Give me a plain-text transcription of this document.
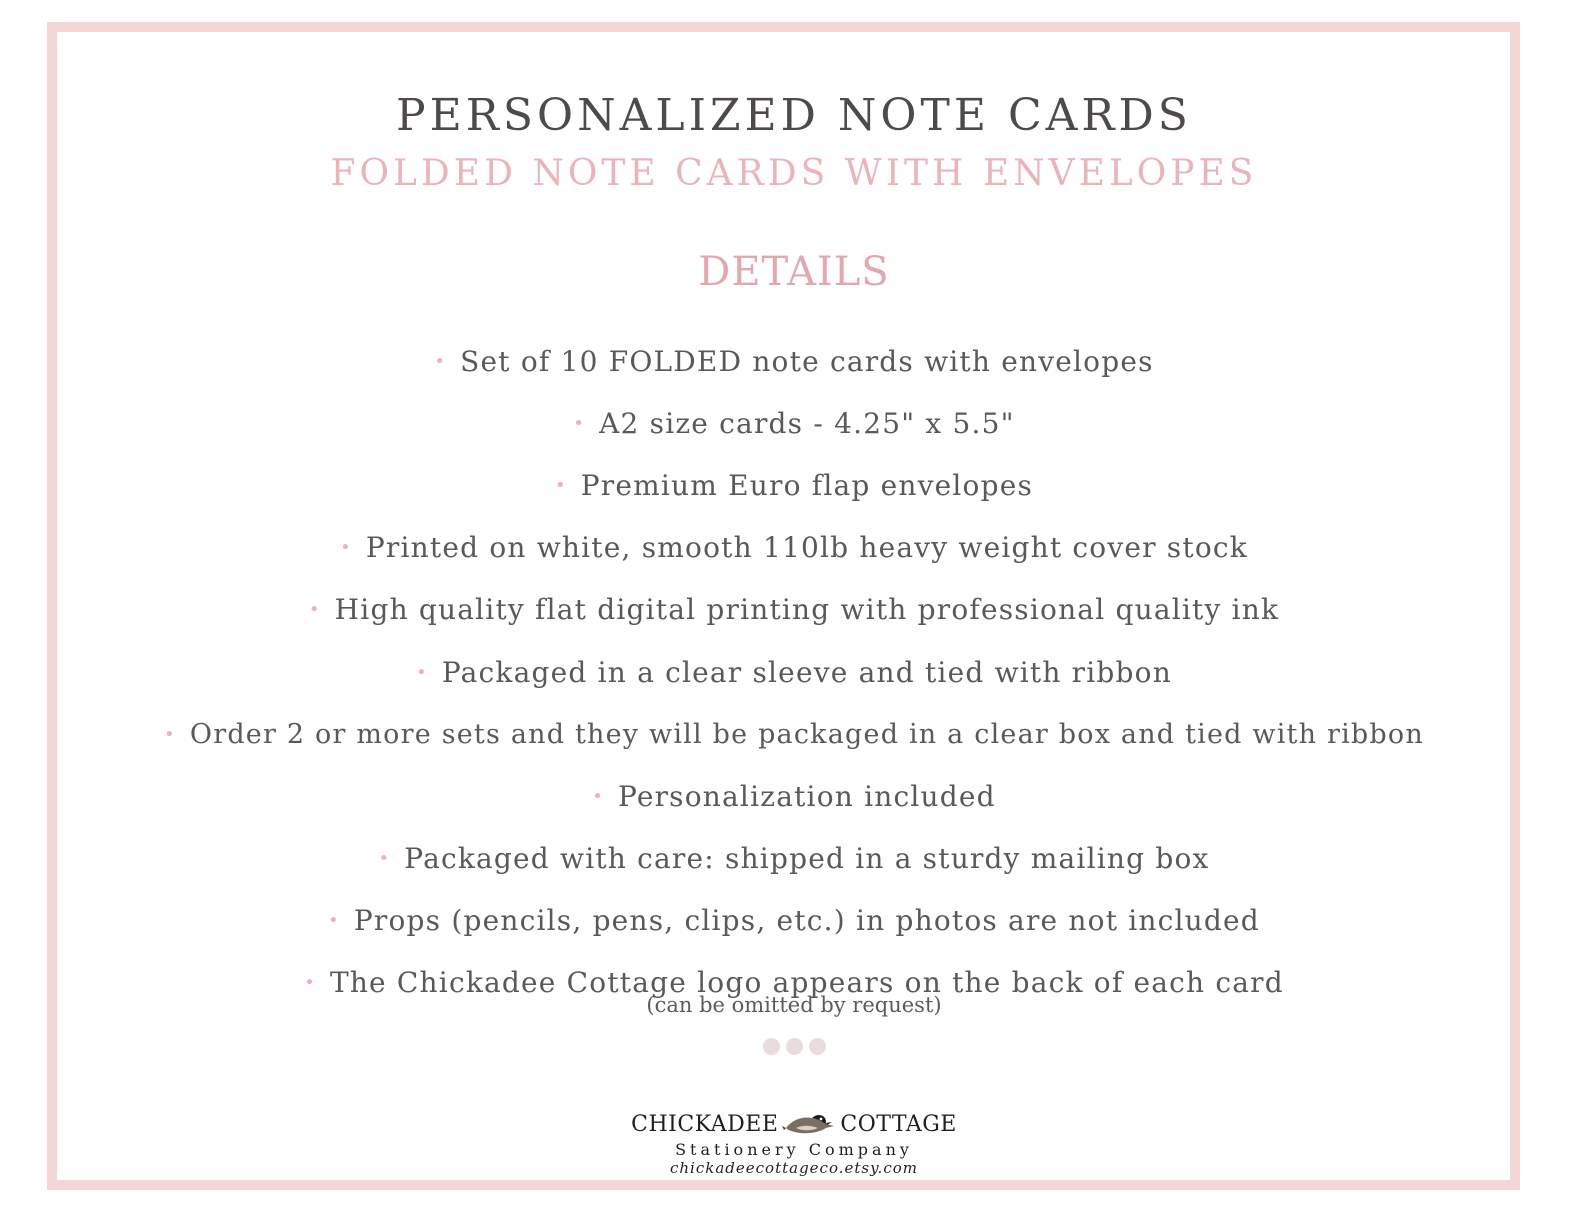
PERSONALIZED NOTE CARDS
FOLDED NOTE CARDS WITH ENVELOPES
DETAILS
• Set of 10 FOLDED note cards with envelopes
• A2 size cards - 4.25" x 5.5"
• Premium Euro flap envelopes
• Printed on white, smooth 110lb heavy weight cover stock
• High quality flat digital printing with professional quality ink
• Packaged in a clear sleeve and tied with ribbon
• Order 2 or more sets and they will be packaged in a clear box and tied with ribbon
• Personalization included
• Packaged with care: shipped in a sturdy mailing box
• Props (pencils, pens, clips, etc.) in photos are not included
• The Chickadee Cottage logo appears on the back of each card
(can be omitted by request)
CHICKADEE	COTTAGE
Stationery Company
chickadeecottageco.etsy.com
